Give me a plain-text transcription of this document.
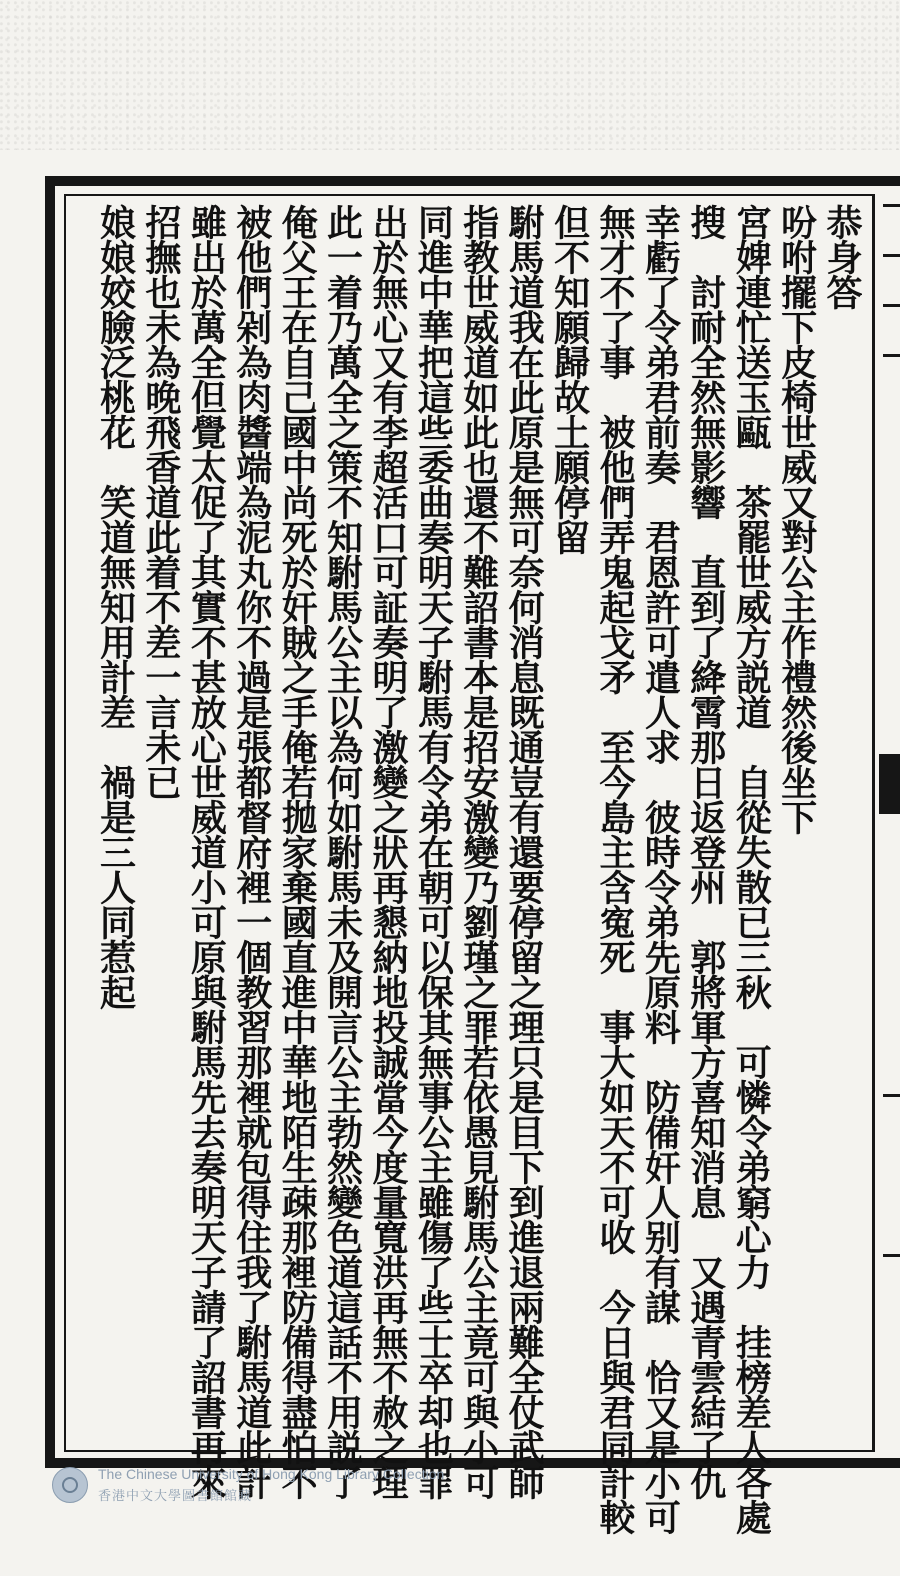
恭身答
吩咐擺下皮椅世威又對公主作禮然後坐下
宮婢連忙送玉甌　茶罷世威方説道　自從失散已三秋　可憐令弟窮心力　挂榜差人各處
搜　討耐全然無影響　直到了絳霄那日返登州　郭將軍方喜知消息　又遇青雲結了仇
幸虧了令弟君前奏　君恩許可遣人求　彼時令弟先原料　防備奸人别有謀　恰又是小可
無才不了事　被他們弄鬼起戈矛　至今島主含寃死　事大如天不可收　今日與君同計較
但不知願歸故土願停留
駙馬道我在此原是無可奈何消息既通豈有還要停留之理只是目下到進退兩難全仗武師
指教世威道如此也還不難詔書本是招安激變乃劉瑾之罪若依愚見駙馬公主竟可與小可
同進中華把這些委曲奏明天子駙馬有令弟在朝可以保其無事公主雖傷了些士卒却也罪
出於無心又有李超活口可証奏明了激變之狀再懇納地投誠當今度量寬洪再無不赦之理
此一着乃萬全之策不知駙馬公主以為何如駙馬未及開言公主勃然變色道這話不用説了
俺父王在自己國中尚死於奸賊之手俺若拋家棄國直進中華地陌生疎那裡防備得盡怕不
被他們剁為肉醬端為泥丸你不過是張都督府裡一個教習那裡就包得住我了駙馬道此計
雖出於萬全但覺太促了其實不甚放心世威道小可原與駙馬先去奏明天子請了詔書再來
招撫也未為晚飛香道此着不差一言未已
娘娘姣臉泛桃花　笑道無知用計差　禍是三人同惹起
The Chinese University of Hong Kong Library Collection
香港中文大學圖書館館藏
